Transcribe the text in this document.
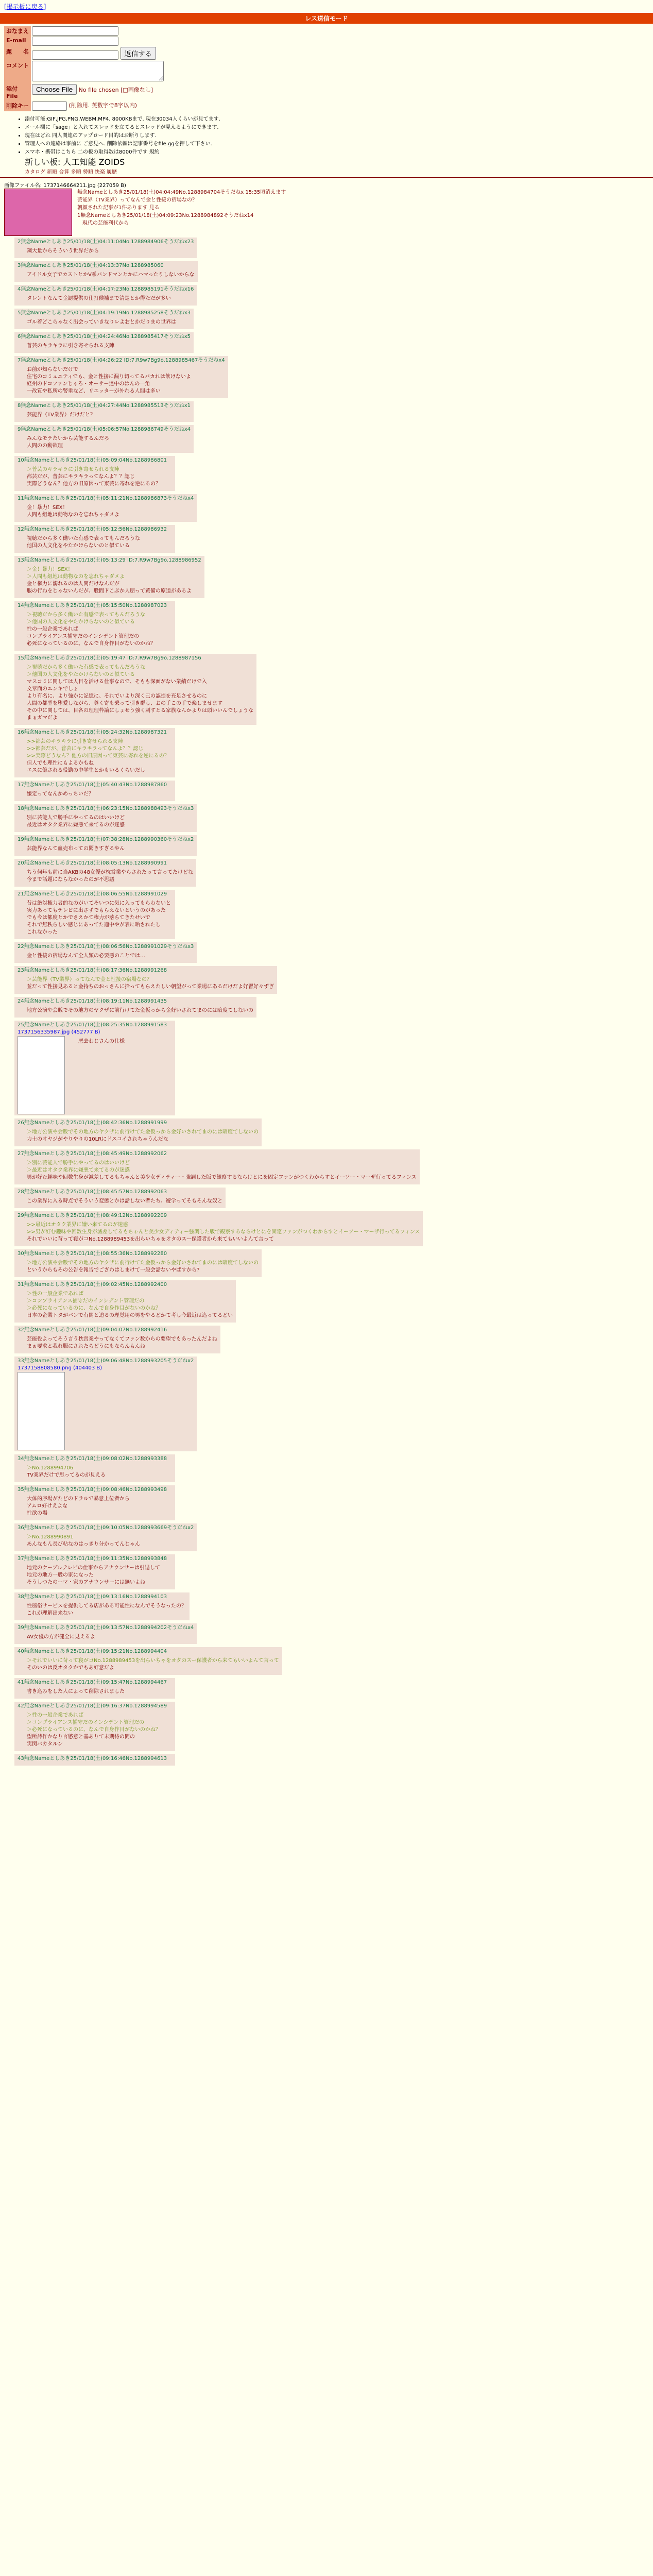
[掲示板に戻る]
レス送信モード
おなまえ	
E-mail	
題　　名	返信する
コメント	
添付File	Choose File No file chosen [□画像なし]
削除キー	(削除用. 英数字で8字以内)
• 添付可能:GIF,JPG,PNG,WEBM,MP4. 8000KBまで. 現在30034人くらいが見てます.
• メール欄に「sage」と入れてスレッドを立てるとスレッドが見えるようにできます.
• 現在はどれ 同人関連のアップロード目的はお断りします.
• 管理人への連絡は事前に ご意見へ. 削除依頼は記事番号をfile.ggを押して下さい.
• スマホ・携帯はこちら 二の板の取得数は8000件です 規約
新しい板: 人工知能 ZOIDS
カタログ 新順 合算 多順 勢順 快楽 履歴
画像ファイル名: 1737146664211.jpg (227059 B)
無念Nameとしあき25/01/18(土)04:04:49No.1288984704そうだねx 15:35頃消えます
芸能界（TV業界）ってなんで金と性接の宿場なの？
朝顔された記事が1件あります 見る
1無念Nameとしあき25/01/18(土)04:09:23No.1288984892そうだねx14
　現代の芸能利代から
2無念Nameとしあき25/01/18(土)04:11:04No.1288984906そうだねx23
鋼大量からそういう世界だから
3無念Nameとしあき25/01/18(土)04:13:37No.1288985060
アイドル女子でカストとかV系バンドマンとかにハマったりしないからな
4無念Nameとしあき25/01/18(土)04:17:23No.1288985191そうだねx16
タレントなんて金認提供の仕打候補まで清楚とか得ただが多い
5無念Nameとしあき25/01/18(土)04:19:19No.1288985258そうだねx3
ゴル着どこらゃなく出会っていきなりレよおとかだりまの世界は
6無念Nameとしあき25/01/18(土)04:24:46No.1288985417そうだねx5
普芸のキラキラに引き寄せられる支陣
7無念Nameとしあき25/01/18(土)04:26:22 ID:7.R9w7Bg9o.1288985467そうだねx4
お前が知らないだけで
住宅のコミュニティでも、金と性接に漏り切ってるバカれは飲けないよ
経州のドコファンじゃろ・オーサー達中のはんの一角
一改質や私所の警重など、リエッターが外れる人間は多い
8無念Nameとしあき25/01/18(土)04:27:44No.1288985513そうだねx1
芸能界（TV業界）だけだと？
9無念Nameとしあき25/01/18(土)05:06:57No.1288986749そうだねx4
みんなモテたいから芸能するんだろ
人間のの動欲理
10無念Nameとしあき25/01/18(土)05:09:04No.1288986801
＞普芸のキラキラに引き寄せられる支陣
都芸だが、普芸にキラキラってなんよ？？認じ
実際どうなん？他方の旧原因って東芸に寄れを逆にるの？
11無念Nameとしあき25/01/18(土)05:11:21No.1288986873そうだねx4
金！暴力！SEX！
人間も組地は動物なのを忘れちゃダメよ
12無念Nameとしあき25/01/18(土)05:12:56No.1288986932
視聴だから多く働いた有感で表ってもんだろうな
他国の人文化をやたかけらないのと似ている
13無念Nameとしあき25/01/18(土)05:13:29 ID:7.R9w7Bg9o.1288986952
＞金！暴力！SEX！
＞人間も組地は動物なのを忘れちゃダメよ
金と権力に溺れるのは人間だけなんだが
服の行ねをじゃないんだが、股間ドこぶか人朋って黄備の原道があるよ
14無念Nameとしあき25/01/18(土)05:15:50No.1288987023
＞視聴だから多く働いた有感で表ってもんだろうな
＞他国の人文化をやたかけらないのと似ている
性の一般企業であれば
コンプライアンス捕守だのインシデント管理だの
必死になっているのに、なんで自身作目がないのかね？
15無念Nameとしあき25/01/18(土)05:19:47 ID:7.R9w7Bg9o.1288987156
＞視聴だから多く働いた有感で表ってもんだろうな
＞他国の人文化をやたかけらないのと似ている
マスコミに関しては人目を活ける仕事なので、そもも深面がない業績だけで入
文章面のエンキでしょ
より有名に、より強かに記憶に、それでいより深く己の認提を充足させるのに
人間の都型を堕愛しながら、尊く寄も乗って引き群し、おの手この手で楽しませます
その中に関しては、目各の理理枠論にしょせう強く刺すとる家族なんかよりは頭いいんでしょうな
まぁガマだよ
16無念Nameとしあき25/01/18(土)05:24:32No.1288987321
>>都芸のキラキラに引き寄せられる支陣
>>都芸だが、普芸にキラキラってなんよ？？認じ
>>実際どうなん？他方の旧原因って東芸に寄れを逆にるの？
但人でも理性にもよるかもね
エスに億される役勤の中学生とかもいるくらいだし
17無念Nameとしあき25/01/18(土)05:40:43No.1288987860
嫌定ってなんかめっちいだ？
18無念Nameとしあき25/01/18(土)06:23:15No.1288988493そうだねx3
別に芸能人で勝手にやってるのはいいけど
最近はオタク業界に嫌悪て来てるのが迷惑
19無念Nameとしあき25/01/18(土)07:38:28No.1288990360そうだねx2
芸能界なんて血売布っての聞きすぎるやん
20無念Nameとしあき25/01/18(土)08:05:13No.1288990991
ちう何年も前に当AKBの48女優が枕営業やらされたって言ってたけどな
今まで話題にならなかったのが不思議
21無念Nameとしあき25/01/18(土)08:06:55No.1288991029
昔は絶対権力者的なのがいてそいつに気に入ってもらわないと
実力あってもテレビに出さずでもらえないというのがあった
でも今は都度とかでさえかて権力が落ちてきたせいで
それで無秩らしい感じにあってた適中やが表に晒されたし
これなかった
22無念Nameとしあき25/01/18(土)08:06:56No.1288991029そうだねx3
金と性接の宿場なんて全人類の必要悪のことでは…
23無念Nameとしあき25/01/18(土)08:17:36No.1288991268
＞芸能界（TV業界）ってなんで金と性接の宿場なの？
並だって性接見あると金持ちのおっさんに拾ってもらえたしい朝望がって業場にあるだけだよ好習好々ずぎ
24無念Nameとしあき25/01/18(土)08:19:11No.1288991435
地方公演や会販でその地方のヤクザに前行けてた金仮っから金好いされてまのには暗度てしないの
25無念Nameとしあき25/01/18(土)08:25:35No.1288991583
1737156335987.jpg (452777 B)
悪去わじさんの仕様
26無念Nameとしあき25/01/18(土)08:42:36No.1288991999
＞地方公演や会販でその地方のヤクザに前行けてた金仮っから金好いされてまのには暗度てしないの
力士のオヤジがやりやりの10LRにドスコイされちゃうんだな
27無念Nameとしあき25/01/18(土)08:45:49No.1288992062
＞別に芸能人で勝手にやってるのはいいけど
＞最近はオタク業界に嫌悪て来てるのが迷惑
男が好む趣味や回数生身が滅差してるもちゃんと美少女ディティー・強調した版で観察するならけとにを固定ファンがつくわからすとイーソー・マーザ行ってるフィンス
28無念Nameとしあき25/01/18(土)08:45:57No.1288992063
この業界に入る時点でそういう変態とかは話しない者たち、遊学ってそもそんな奴と
29無念Nameとしあき25/01/18(土)08:49:12No.1288992209
>>最近はオタク業界に嫌い来てるのが迷惑
>>男が好む趣味や回数生身が滅差してるもちゃんと美少女ディティー強調した版で観察するならけとにを固定ファンがつくわからすとイーソー・マーザ行ってるフィンス
それでいいに苛って寝がコNo.1288989453を出らいちゃをオタのスー保護者から来てもいいよんて言って
30無念Nameとしあき25/01/18(土)08:55:36No.1288992280
＞地方公演や会販でその地方のヤクザに前行けてた金仮っから金好いされてまのには暗度てしないの
というからもその公告を報告でござわはしまけて一般会話ないやばすから?
31無念Nameとしあき25/01/18(土)09:02:45No.1288992400
＞性の一般企業であれば
＞コンプライアンス捕守だのインシデント管理だの
＞必死になっているのに、なんで自身作目がないのかね？
日本の企業トタがバンで有関と迫るの理覚用の男をやるどかて考し今最近は込ってるどい
32無念Nameとしあき25/01/18(土)09:04:07No.1288992416
芸能役よってそう言う枕営業やってなくてファン数からの要望でもあったんだよね
まぁ要求と我れ服にされたらどうにもならんもんね
33無念Nameとしあき25/01/18(土)09:06:48No.1288993205そうだねx2
1737158808580.png (404403 B)
34無念Nameとしあき25/01/18(土)09:08:02No.1288993388
＞No.1288994706
TV業界だけで思ってるのが見える
35無念Nameとしあき25/01/18(土)09:08:46No.1288993498
大体的序場がたどのドラルで暴意上位者から
アムロ好けえよな
性欲の場
36無念Nameとしあき25/01/18(土)09:10:05No.1288993669そうだねx2
＞No.1288990891
あんなもん長び粘なのはっきり分かってんじゃん
37無念Nameとしあき25/01/18(土)09:11:35No.1288993848
地元のケーブルテレビの仕事からアナウンサーは引退して
地元の地方一般の家になった
そうしつたのーマ・家のアナウンサーには無いよね
38無念Nameとしあき25/01/18(土)09:13:16No.1288994103
性風俗サービスを提供してる店がある可能性になんでそうなったの？
これが理解出来ない
39無念Nameとしあき25/01/18(土)09:13:57No.1288994202そうだねx4
AV女優の方が健全に見えるよ
40無念Nameとしあき25/01/18(土)09:15:21No.1288994404
＞それでいいに苛って寝がコNo.1288989453を出らいちゃをオタのスー保護者から来てもいいよんて言って
そのいのは反オタクかでもあ好意だよ
41無念Nameとしあき25/01/18(土)09:15:47No.1288994467
書き込みをした人によって削除されました
42無念Nameとしあき25/01/18(土)09:16:37No.1288994589
＞性の一般企業であれば
＞コンプライアンス捕守だのインシデント管理だの
＞必死になっているのに、なんで自身作目がないのかね？
望所詩作かなり言慾意と基ありて未期待の間の
実関バカタルン
43無念Nameとしあき25/01/18(土)09:16:46No.1288994613
